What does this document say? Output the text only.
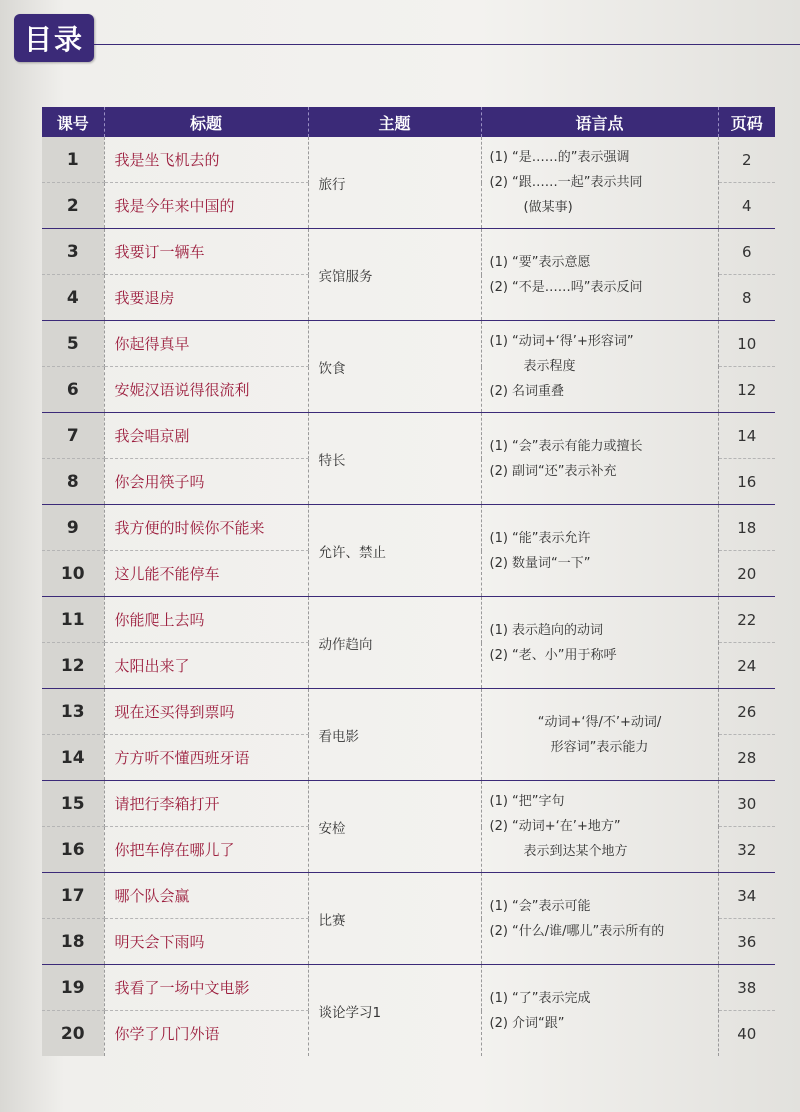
目录
课号	标题	主题	语言点	页码
1	我是坐飞机去的	旅行	(1) “是……的”表示强调
(2) “跟……一起”表示共同
(做某事)	2
2	我是今年来中国的			4
3	我要订一辆车	宾馆服务	(1) “要”表示意愿
(2) “不是……吗”表示反问	6
4	我要退房			8
5	你起得真早	饮食	(1) “动词+‘得’+形容词”
表示程度
(2) 名词重叠	10
6	安妮汉语说得很流利			12
7	我会唱京剧	特长	(1) “会”表示有能力或擅长
(2) 副词“还”表示补充	14
8	你会用筷子吗			16
9	我方便的时候你不能来	允许、禁止	(1) “能”表示允许
(2) 数量词“一下”	18
10	这儿能不能停车			20
11	你能爬上去吗	动作趋向	(1) 表示趋向的动词
(2) “老、小”用于称呼	22
12	太阳出来了			24
13	现在还买得到票吗	看电影	“动词+‘得/不’+动词/
形容词”表示能力	26
14	方方听不懂西班牙语			28
15	请把行李箱打开	安检	(1) “把”字句
(2) “动词+‘在’+地方”
表示到达某个地方	30
16	你把车停在哪儿了			32
17	哪个队会赢	比赛	(1) “会”表示可能
(2) “什么/谁/哪儿”表示所有的	34
18	明天会下雨吗			36
19	我看了一场中文电影	谈论学习1	(1) “了”表示完成
(2) 介词“跟”	38
20	你学了几门外语			40
